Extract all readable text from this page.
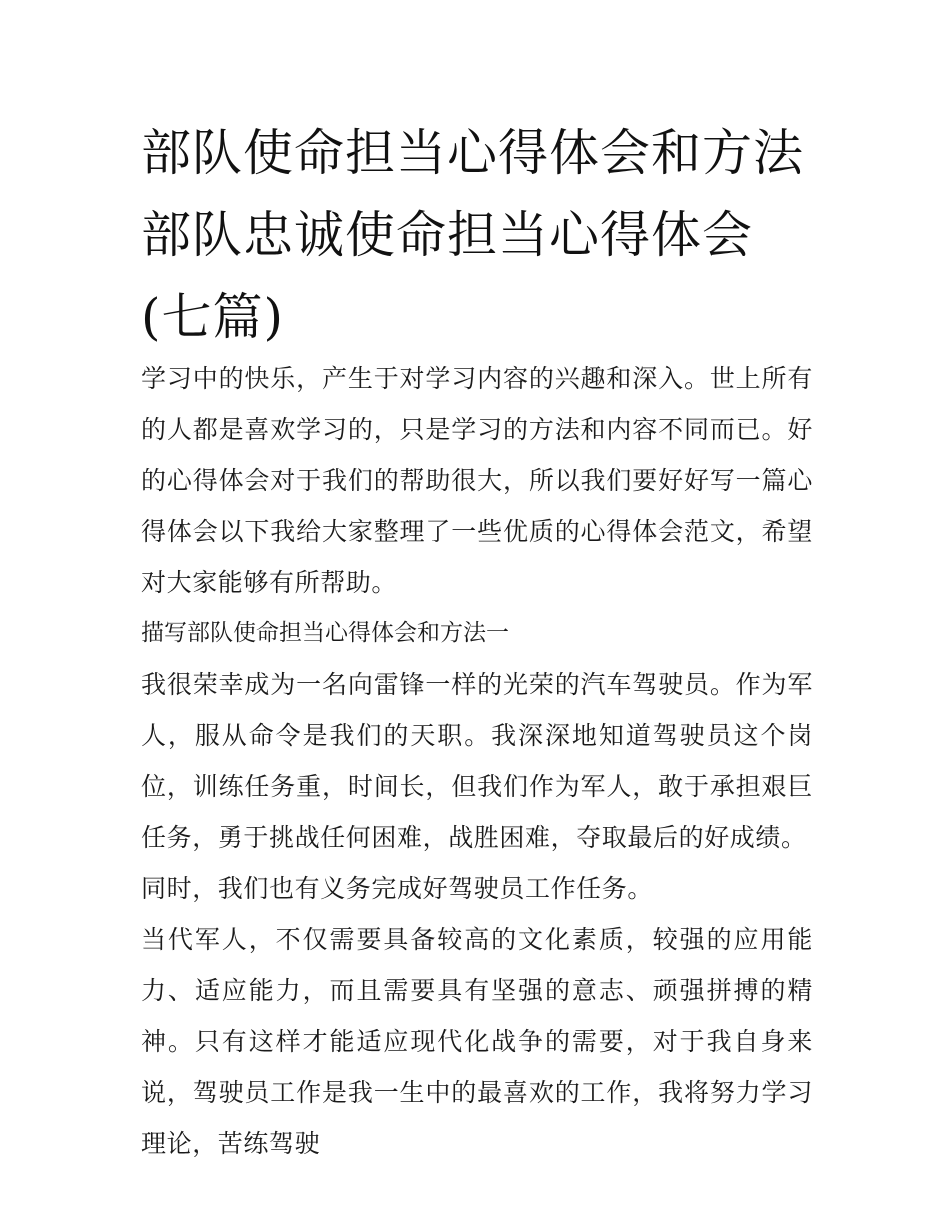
部队使命担当心得体会和方法 部队忠诚使命担当心得体会(七篇)

学习中的快乐，产生于对学习内容的兴趣和深入。世上所有的人都是喜欢学习的，只是学习的方法和内容不同而已。好的心得体会对于我们的帮助很大，所以我们要好好写一篇心得体会以下我给大家整理了一些优质的心得体会范文，希望对大家能够有所帮助。

描写部队使命担当心得体会和方法一

我很荣幸成为一名向雷锋一样的光荣的汽车驾驶员。作为军人，服从命令是我们的天职。我深深地知道驾驶员这个岗位，训练任务重，时间长，但我们作为军人，敢于承担艰巨任务，勇于挑战任何困难，战胜困难，夺取最后的好成绩。

同时，我们也有义务完成好驾驶员工作任务。

当代军人，不仅需要具备较高的文化素质，较强的应用能力、适应能力，而且需要具有坚强的意志、顽强拼搏的精神。只有这样才能适应现代化战争的需要，对于我自身来说，驾驶员工作是我一生中的最喜欢的工作，我将努力学习理论，苦练驾驶
